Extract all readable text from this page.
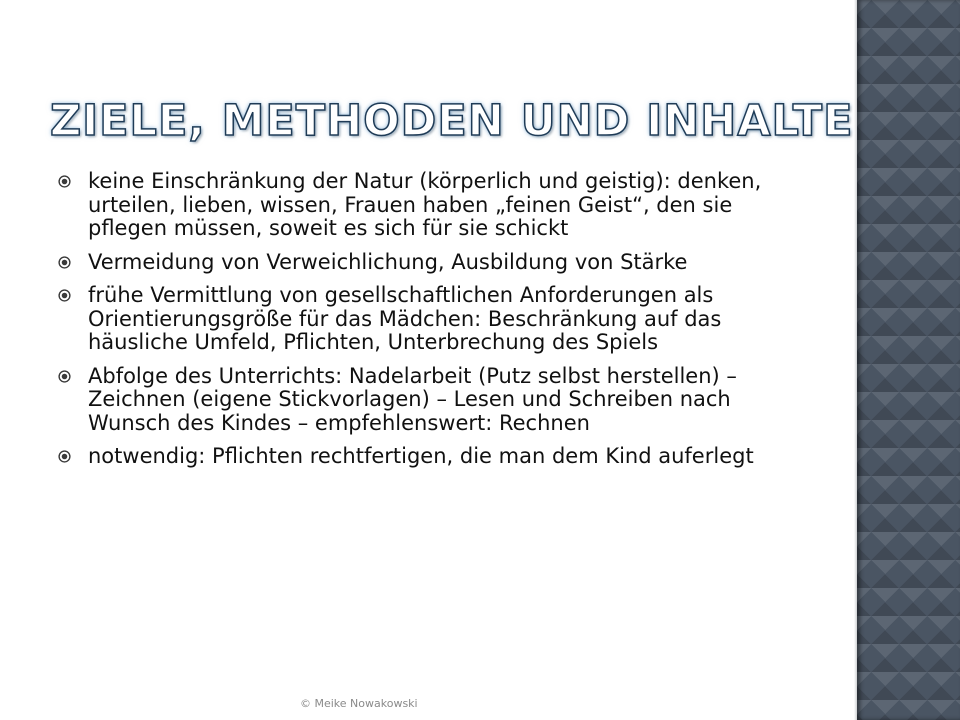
ZIELE, METHODEN UND INHALTE
keine Einschränkung der Natur (körperlich und geistig): denken, urteilen, lieben, wissen, Frauen haben „feinen Geist“, den sie pflegen müssen, soweit es sich für sie schickt
Vermeidung von Verweichlichung, Ausbildung von Stärke
frühe Vermittlung von gesellschaftlichen Anforderungen als Orientierungsgröße für das Mädchen: Beschränkung auf das häusliche Umfeld, Pflichten, Unterbrechung des Spiels
Abfolge des Unterrichts: Nadelarbeit (Putz selbst herstellen) – Zeichnen (eigene Stickvorlagen) – Lesen und Schreiben nach Wunsch des Kindes – empfehlenswert: Rechnen
notwendig: Pflichten rechtfertigen, die man dem Kind auferlegt
© Meike Nowakowski
